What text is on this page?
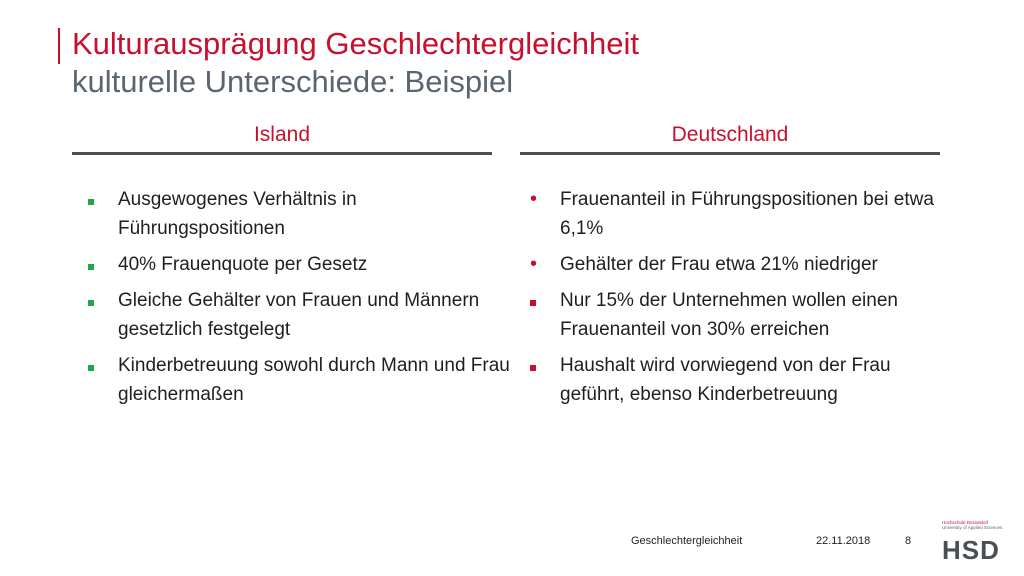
Kulturausprägung Geschlechtergleichheit
kulturelle Unterschiede: Beispiel
Island
Ausgewogenes Verhältnis in Führungspositionen
40% Frauenquote per Gesetz
Gleiche Gehälter von Frauen und Männern gesetzlich festgelegt
Kinderbetreuung sowohl durch Mann und Frau gleichermaßen
Deutschland
•	Frauenanteil in Führungspositionen bei etwa 6,1%
•	Gehälter der Frau etwa 21% niedriger
Nur 15% der Unternehmen wollen einen Frauenanteil von 30% erreichen
Haushalt wird vorwiegend von der Frau geführt, ebenso Kinderbetreuung
Geschlechtergleichheit	22.11.2018	8
Hochschule Düsseldorf
University of Applied Sciences
HSD
